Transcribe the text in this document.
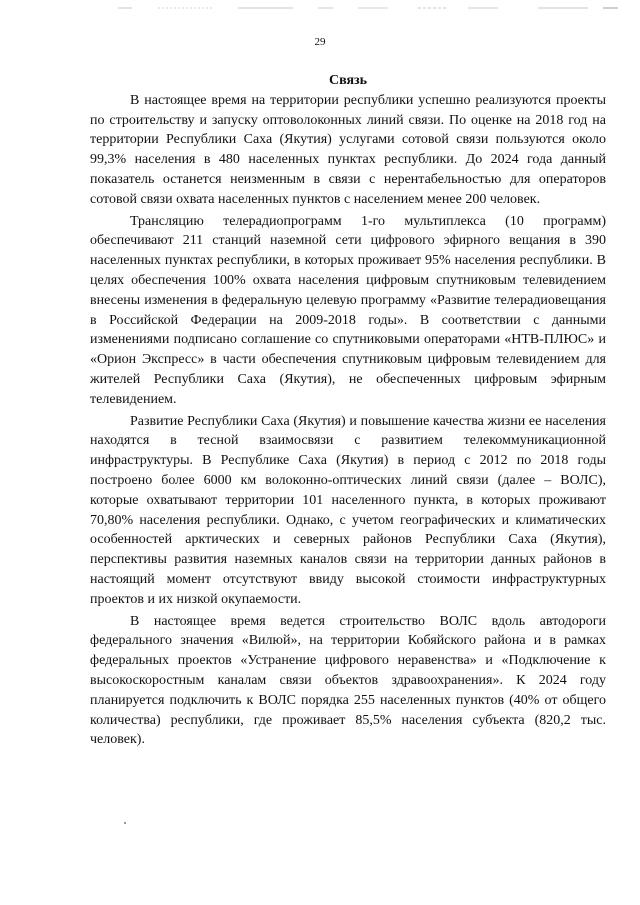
29
Связь

В настоящее время на территории республики успешно реализуются проекты по строительству и запуску оптоволоконных линий связи. По оценке на 2018 год на территории Республики Саха (Якутия) услугами сотовой связи пользуются около 99,3% населения в 480 населенных пунктах республики. До 2024 года данный показатель останется неизменным в связи с нерентабельностью для операторов сотовой связи охвата населенных пунктов с населением менее 200 человек.

Трансляцию телерадиопрограмм 1-го мультиплекса (10 программ) обеспечивают 211 станций наземной сети цифрового эфирного вещания в 390 населенных пунктах республики, в которых проживает 95% населения республики. В целях обеспечения 100% охвата населения цифровым спутниковым телевидением внесены изменения в федеральную целевую программу «Развитие телерадиовещания в Российской Федерации на 2009-2018 годы». В соответствии с данными изменениями подписано соглашение со спутниковыми операторами «НТВ-ПЛЮС» и «Орион Экспресс» в части обеспечения спутниковым цифровым телевидением для жителей Республики Саха (Якутия), не обеспеченных цифровым эфирным телевидением.

Развитие Республики Саха (Якутия) и повышение качества жизни ее населения находятся в тесной взаимосвязи с развитием телекоммуникационной инфраструктуры. В Республике Саха (Якутия) в период с 2012 по 2018 годы построено более 6000 км волоконно-оптических линий связи (далее – ВОЛС), которые охватывают территории 101 населенного пункта, в которых проживают 70,80% населения республики. Однако, с учетом географических и климатических особенностей арктических и северных районов Республики Саха (Якутия), перспективы развития наземных каналов связи на территории данных районов в настоящий момент отсутствуют ввиду высокой стоимости инфраструктурных проектов и их низкой окупаемости.

В настоящее время ведется строительство ВОЛС вдоль автодороги федерального значения «Вилюй», на территории Кобяйского района и в рамках федеральных проектов «Устранение цифрового неравенства» и «Подключение к высокоскоростным каналам связи объектов здравоохранения». К 2024 году планируется подключить к ВОЛС порядка 255 населенных пунктов (40% от общего количества) республики, где проживает 85,5% населения субъекта (820,2 тыс. человек).
